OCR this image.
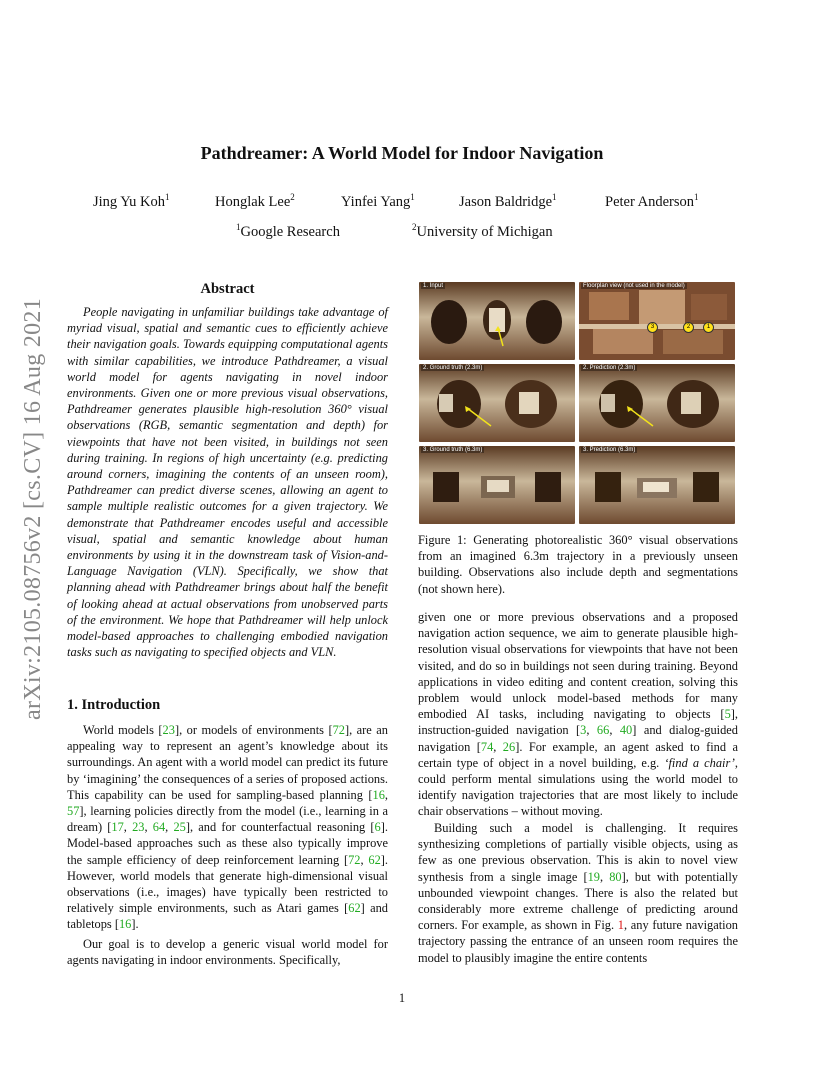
arXiv:2105.08756v2 [cs.CV] 16 Aug 2021
Pathdreamer: A World Model for Indoor Navigation
Jing Yu Koh$^1$	Honglak Lee$^2$	Yinfei Yang$^1$	Jason Baldridge$^1$	Peter Anderson$^1$
$^1$Google Research	$^2$University of Michigan
Abstract
People navigating in unfamiliar buildings take advantage of myriad visual, spatial and semantic cues to efficiently achieve their navigation goals. Towards equipping computational agents with similar capabilities, we introduce Pathdreamer, a visual world model for agents navigating in novel indoor environments. Given one or more previous visual observations, Pathdreamer generates plausible high-resolution 360° visual observations (RGB, semantic segmentation and depth) for viewpoints that have not been visited, in buildings not seen during training. In regions of high uncertainty (e.g. predicting around corners, imagining the contents of an unseen room), Pathdreamer can predict diverse scenes, allowing an agent to sample multiple realistic outcomes for a given trajectory. We demonstrate that Pathdreamer encodes useful and accessible visual, spatial and semantic knowledge about human environments by using it in the downstream task of Vision-and-Language Navigation (VLN). Specifically, we show that planning ahead with Pathdreamer brings about half the benefit of looking ahead at actual observations from unobserved parts of the environment. We hope that Pathdreamer will help unlock model-based approaches to challenging embodied navigation tasks such as navigating to specified objects and VLN.
1. Introduction
World models [23], or models of environments [72], are an appealing way to represent an agent’s knowledge about its surroundings. An agent with a world model can predict its future by ‘imagining’ the consequences of a series of proposed actions. This capability can be used for sampling-based planning [16, 57], learning policies directly from the model (i.e., learning in a dream) [17, 23, 64, 25], and for counterfactual reasoning [6]. Model-based approaches such as these also typically improve the sample efficiency of deep reinforcement learning [72, 62]. However, world models that generate high-dimensional visual observations (i.e., images) have typically been restricted to relatively simple environments, such as Atari games [62] and tabletops [16].
Our goal is to develop a generic visual world model for agents navigating in indoor environments. Specifically,
1. Input	Floorplan view (not used in the model)
3	2	1
2. Ground truth (2.3m)	2. Prediction (2.3m)
3. Ground truth (6.3m)	3. Prediction (6.3m)
Figure 1: Generating photorealistic 360° visual observations from an imagined 6.3m trajectory in a previously unseen building. Observations also include depth and segmentations (not shown here).
given one or more previous observations and a proposed navigation action sequence, we aim to generate plausible high-resolution visual observations for viewpoints that have not been visited, and do so in buildings not seen during training. Beyond applications in video editing and content creation, solving this problem would unlock model-based methods for many embodied AI tasks, including navigating to objects [5], instruction-guided navigation [3, 66, 40] and dialog-guided navigation [74, 26]. For example, an agent asked to find a certain type of object in a novel building, e.g. ‘find a chair’, could perform mental simulations using the world model to identify navigation trajectories that are most likely to include chair observations – without moving.
Building such a model is challenging. It requires synthesizing completions of partially visible objects, using as few as one previous observation. This is akin to novel view synthesis from a single image [19, 80], but with potentially unbounded viewpoint changes. There is also the related but considerably more extreme challenge of predicting around corners. For example, as shown in Fig. 1, any future navigation trajectory passing the entrance of an unseen room requires the model to plausibly imagine the entire contents
1
